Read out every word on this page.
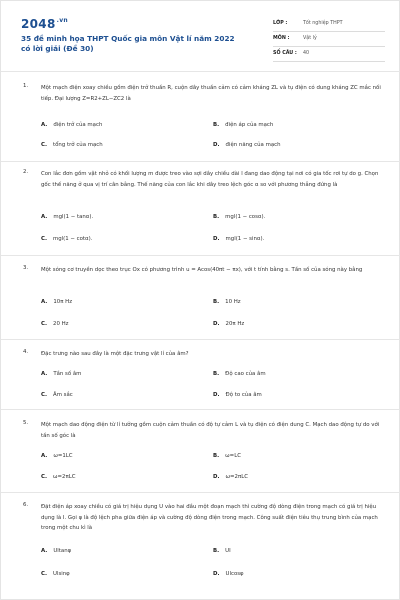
$2048^{.vn}$
35 đề minh họa THPT Quốc gia môn Vật lí năm 2022 có lời giải (Đề 30)
LỚP :	Tốt nghiệp THPT
MÔN :	Vật lý
SỐ CÂU : 40
1. Một mạch điện xoay chiều gồm điện trở thuần R, cuộn dây thuần cảm có cảm kháng ZL và tụ điện có dung kháng ZC mắc nối tiếp. Đại lượng Z=R2+ZL−ZC2 là
A. điện trở của mạch	B. điện áp của mạch
C. tổng trở của mạch	D. điện năng của mạch
2. Con lắc đơn gồm vật nhỏ có khối lượng m được treo vào sợi dây chiều dài l đang dao động tại nơi có gia tốc rơi tự do g. Chọn gốc thế năng ở qua vị trí cân bằng. Thế năng của con lắc khi dây treo lệch góc α so với phương thẳng đứng là
A. mgl(1 − tanα).	B. mgl(1 − cosα).
C. mgl(1 − cotα).	D. mgl(1 − sinα).
3. Một sóng cơ truyền dọc theo trục Ox có phương trình u = Acos(40πt − πx), với t tính bằng s. Tần số của sóng này bằng
A. 10π Hz	B. 10 Hz
C. 20 Hz	D. 20π Hz
4. Đặc trưng nào sau đây là một đặc trưng vật lí của âm?
A. Tần số âm	B. Độ cao của âm
C. Âm sắc	D. Độ to của âm
5. Một mạch dao động điện từ lí tưởng gồm cuộn cảm thuần có độ tự cảm L và tụ điện có điện dung C. Mạch dao động tự do với tần số góc là
A. ω=1LC	B. ω=LC
C. ω=2πLC	D. ω=2πLC
6. Đặt điện áp xoay chiều có giá trị hiệu dụng U vào hai đầu một đoạn mạch thì cường độ dòng điện trong mạch có giá trị hiệu dụng là I. Gọi φ là độ lệch pha giữa điện áp và cường độ dòng điện trong mạch. Công suất điện tiêu thụ trung bình của mạch trong một chu kì là
A. Ultanφ	B. UI
C. Ulsinφ	D. Ulcosφ
